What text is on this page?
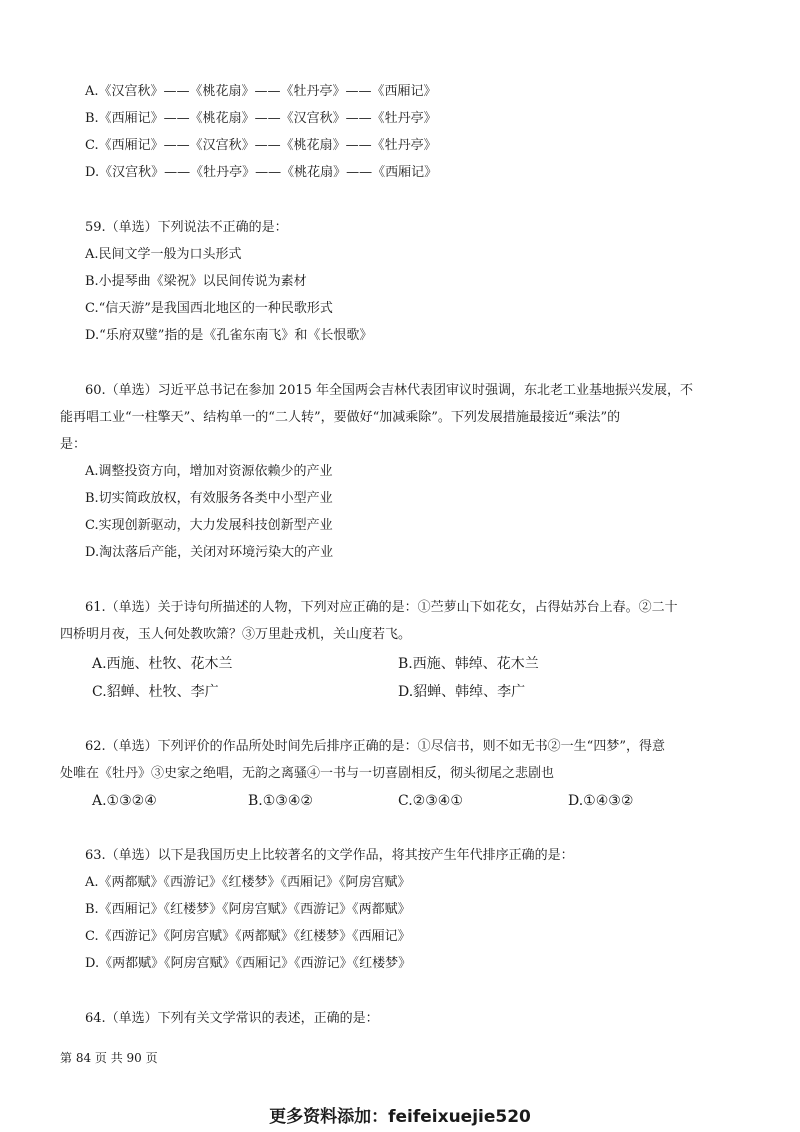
A.《汉宫秋》——《桃花扇》——《牡丹亭》——《西厢记》
B.《西厢记》——《桃花扇》——《汉宫秋》——《牡丹亭》
C.《西厢记》——《汉宫秋》——《桃花扇》——《牡丹亭》
D.《汉宫秋》——《牡丹亭》——《桃花扇》——《西厢记》
59.（单选）下列说法不正确的是：
A.民间文学一般为口头形式
B.小提琴曲《梁祝》以民间传说为素材
C.“信天游”是我国西北地区的一种民歌形式
D.“乐府双璧”指的是《孔雀东南飞》和《长恨歌》
60.（单选）习近平总书记在参加 2015 年全国两会吉林代表团审议时强调，东北老工业基地振兴发展，不
能再唱工业“一柱擎天”、结构单一的“二人转”，要做好“加减乘除”。下列发展措施最接近“乘法”的
是：
A.调整投资方向，增加对资源依赖少的产业
B.切实简政放权，有效服务各类中小型产业
C.实现创新驱动，大力发展科技创新型产业
D.淘汰落后产能，关闭对环境污染大的产业
61.（单选）关于诗句所描述的人物，下列对应正确的是：①苎萝山下如花女，占得姑苏台上春。②二十
四桥明月夜，玉人何处教吹箫？③万里赴戎机，关山度若飞。
A.西施、杜牧、花木兰	B.西施、韩绰、花木兰
C.貂蝉、杜牧、李广	D.貂蝉、韩绰、李广
62.（单选）下列评价的作品所处时间先后排序正确的是：①尽信书，则不如无书②一生“四梦”，得意
处唯在《牡丹》③史家之绝唱，无韵之离骚④一书与一切喜剧相反，彻头彻尾之悲剧也
A.①③②④	B.①③④②	C.②③④①	D.①④③②
63.（单选）以下是我国历史上比较著名的文学作品，将其按产生年代排序正确的是：
A.《两都赋》《西游记》《红楼梦》《西厢记》《阿房宫赋》
B.《西厢记》《红楼梦》《阿房宫赋》《西游记》《两都赋》
C.《西游记》《阿房宫赋》《两都赋》《红楼梦》《西厢记》
D.《两都赋》《阿房宫赋》《西厢记》《西游记》《红楼梦》
64.（单选）下列有关文学常识的表述，正确的是：
第 84 页 共 90 页
更多资料添加：feifeixuejie520
